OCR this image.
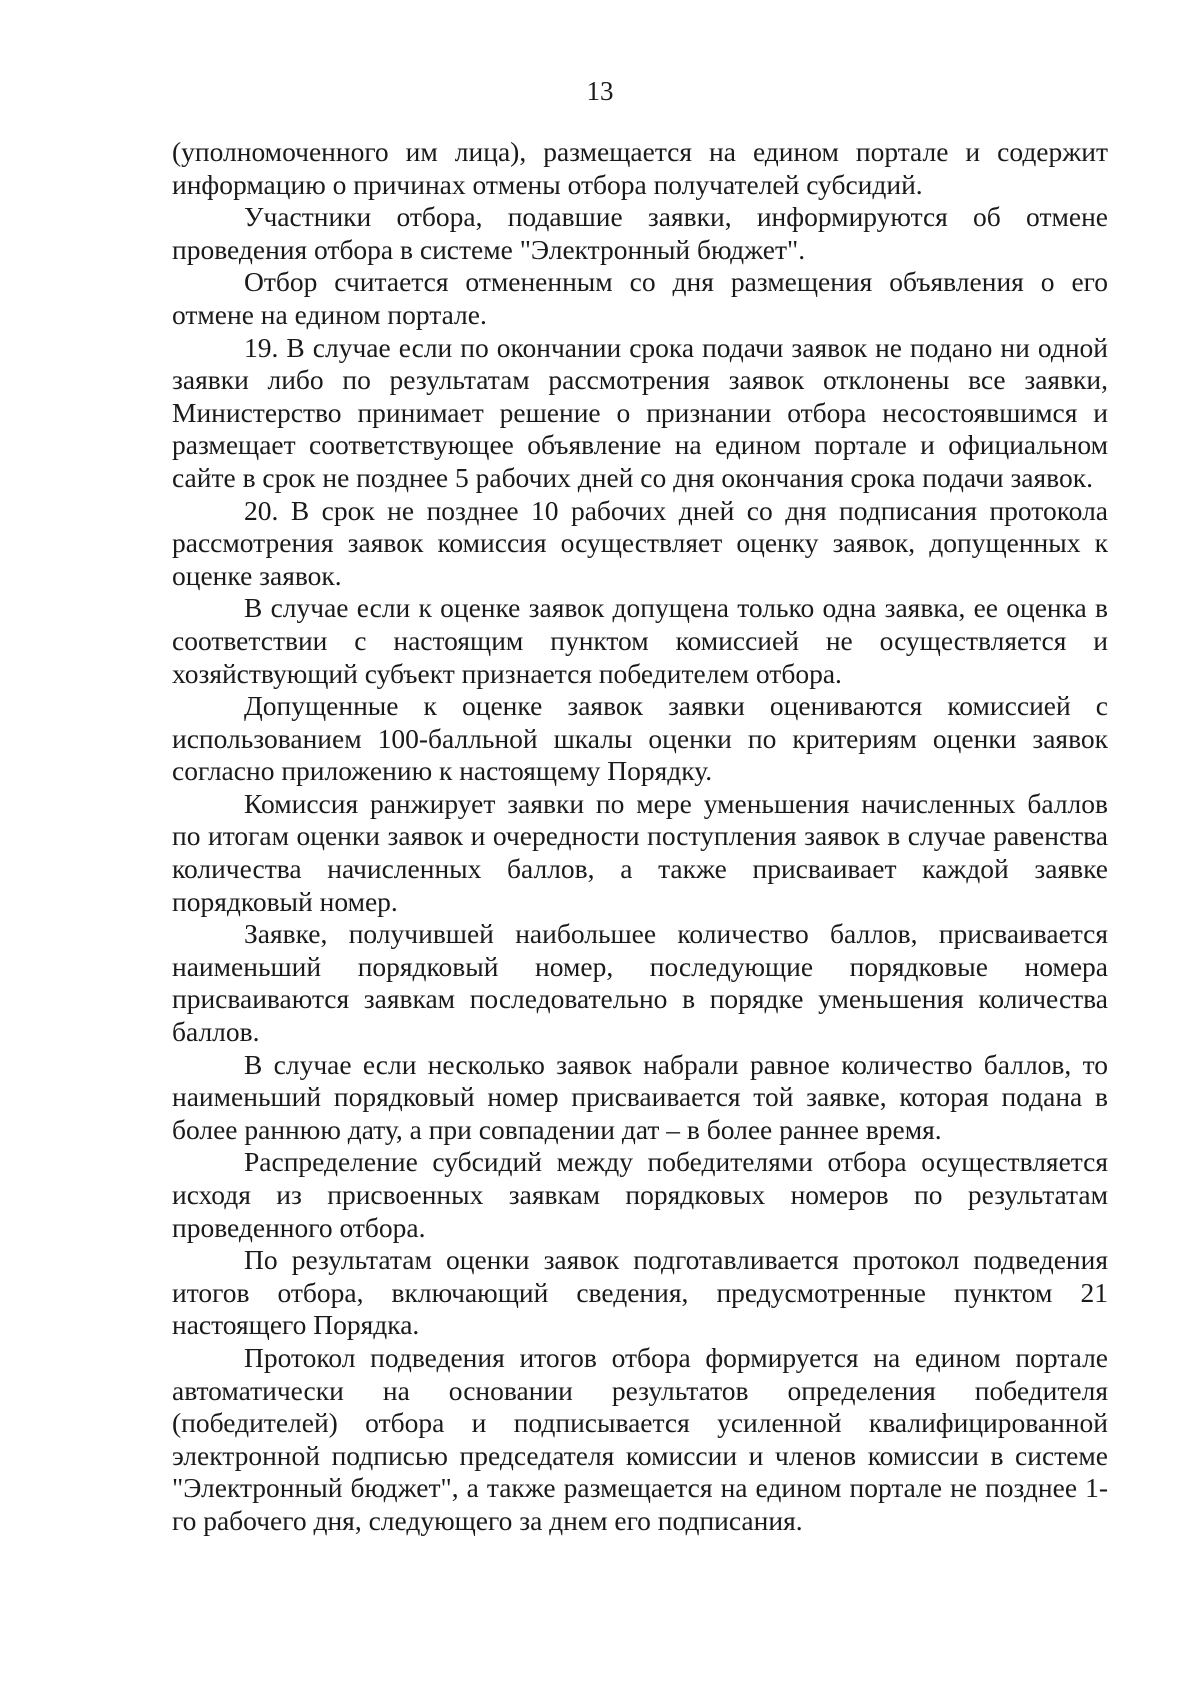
13

(уполномоченного им лица), размещается на едином портале и содержит информацию о причинах отмены отбора получателей субсидий.

Участники отбора, подавшие заявки, информируются об отмене проведения отбора в системе "Электронный бюджет".

Отбор считается отмененным со дня размещения объявления о его отмене на едином портале.

19. В случае если по окончании срока подачи заявок не подано ни одной заявки либо по результатам рассмотрения заявок отклонены все заявки, Министерство принимает решение о признании отбора несостоявшимся и размещает соответствующее объявление на едином портале и официальном сайте в срок не позднее 5 рабочих дней со дня окончания срока подачи заявок.

20. В срок не позднее 10 рабочих дней со дня подписания протокола рассмотрения заявок комиссия осуществляет оценку заявок, допущенных к оценке заявок.

В случае если к оценке заявок допущена только одна заявка, ее оценка в соответствии с настоящим пунктом комиссией не осуществляется и хозяйствующий субъект признается победителем отбора.

Допущенные к оценке заявок заявки оцениваются комиссией с использованием 100-балльной шкалы оценки по критериям оценки заявок согласно приложению к настоящему Порядку.

Комиссия ранжирует заявки по мере уменьшения начисленных баллов по итогам оценки заявок и очередности поступления заявок в случае равенства количества начисленных баллов, а также присваивает каждой заявке порядковый номер.

Заявке, получившей наибольшее количество баллов, присваивается наименьший порядковый номер, последующие порядковые номера присваиваются заявкам последовательно в порядке уменьшения количества баллов.

В случае если несколько заявок набрали равное количество баллов, то наименьший порядковый номер присваивается той заявке, которая подана в более раннюю дату, а при совпадении дат – в более раннее время.

Распределение субсидий между победителями отбора осуществляется исходя из присвоенных заявкам порядковых номеров по результатам проведенного отбора.

По результатам оценки заявок подготавливается протокол подведения итогов отбора, включающий сведения, предусмотренные пунктом 21 настоящего Порядка.

Протокол подведения итогов отбора формируется на едином портале автоматически на основании результатов определения победителя (победителей) отбора и подписывается усиленной квалифицированной электронной подписью председателя комиссии и членов комиссии в системе "Электронный бюджет", а также размещается на едином портале не позднее 1-го рабочего дня, следующего за днем его подписания.
